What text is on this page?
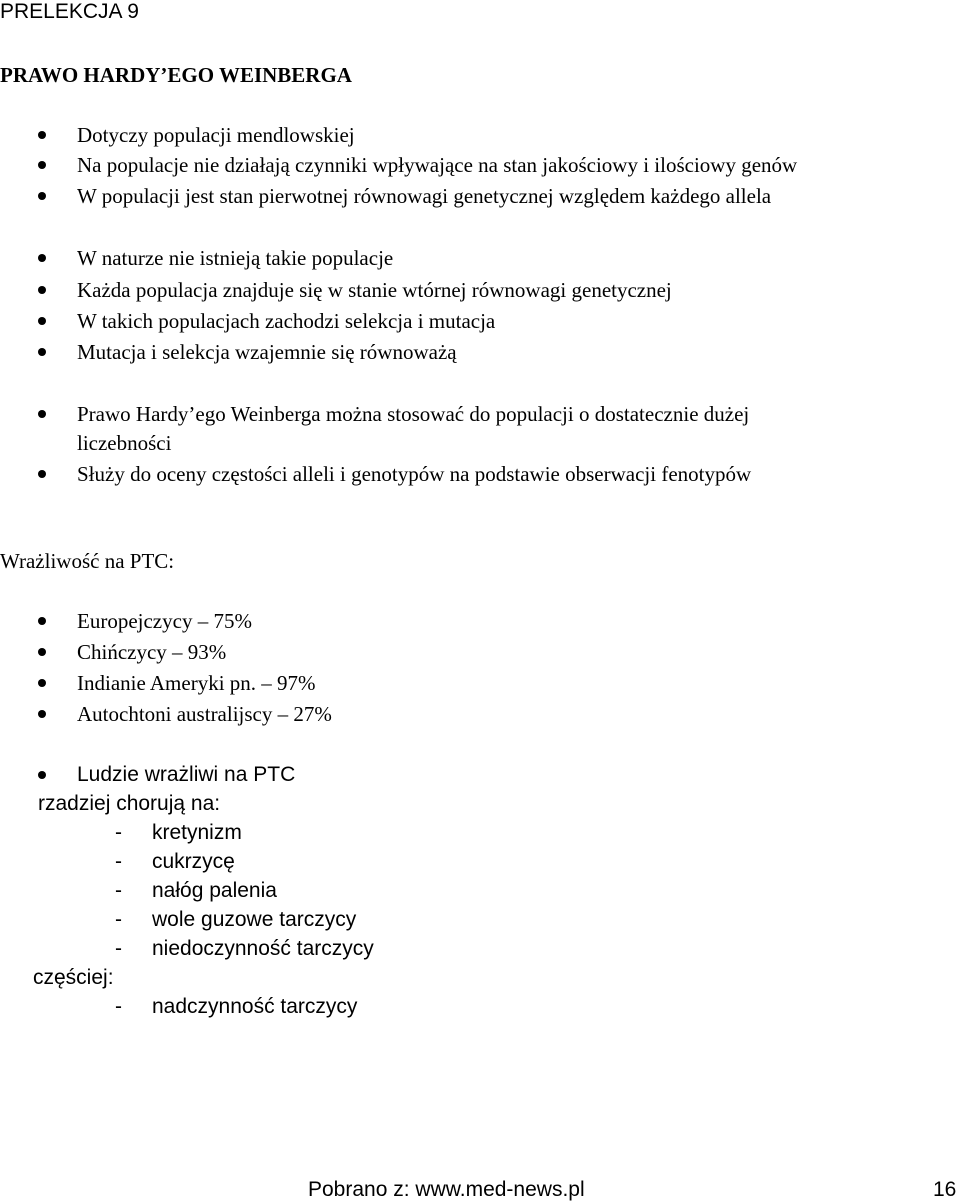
PRELEKCJA 9
PRAWO HARDY’EGO WEINBERGA
Dotyczy populacji mendlowskiej
Na populacje nie działają czynniki wpływające na stan jakościowy i ilościowy genów
W populacji jest stan pierwotnej równowagi genetycznej względem każdego allela
W naturze nie istnieją takie populacje
Każda populacja znajduje się w stanie wtórnej równowagi genetycznej
W takich populacjach zachodzi selekcja i mutacja
Mutacja i selekcja wzajemnie się równoważą
Prawo Hardy’ego Weinberga można stosować do populacji o dostatecznie dużej
liczebności
Służy do oceny częstości alleli i genotypów na podstawie obserwacji fenotypów
Wrażliwość na PTC:
Europejczycy – 75%
Chińczycy – 93%
Indianie Ameryki pn. – 97%
Autochtoni australijscy – 27%
Ludzie wrażliwi na PTC
rzadziej chorują na:
- kretynizm
- cukrzycę
- nałóg palenia
- wole guzowe tarczycy
- niedoczynność tarczycy
częściej:
- nadczynność tarczycy
Pobrano z: www.med-news.pl	16
